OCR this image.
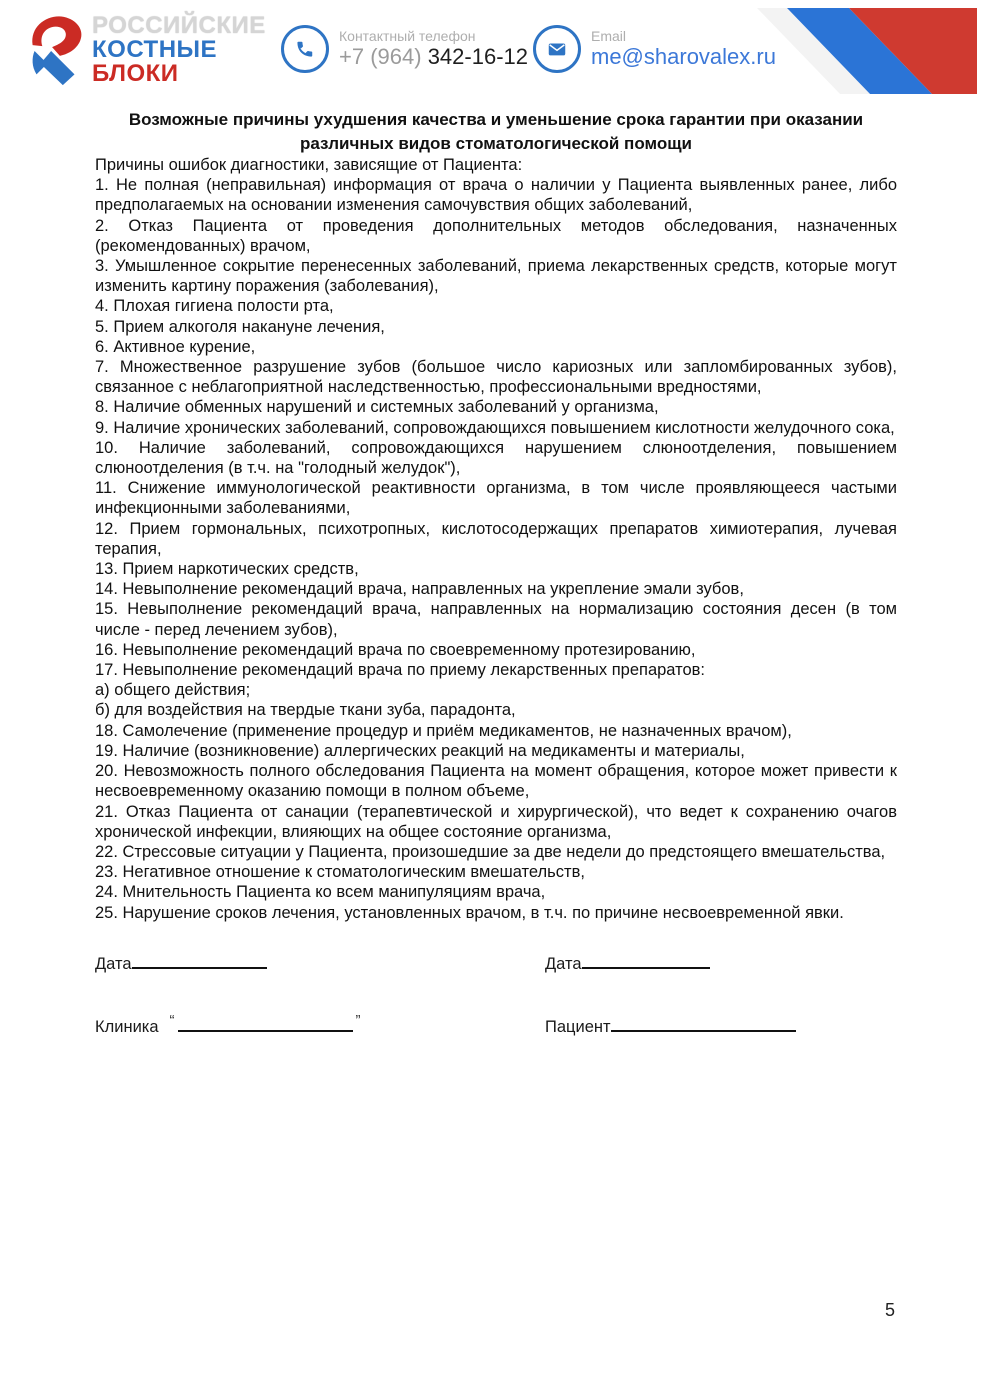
РОССИЙСКИЕ
КОСТНЫЕ
БЛОКИ
Контактный телефон
+7 (964) 342-16-12
Email
me@sharovalex.ru
Возможные причины ухудшения качества и уменьшение срока гарантии при оказании различных видов стоматологической помощи

Причины ошибок диагностики, зависящие от Пациента:

1. Не полная (неправильная) информация от врача о наличии у Пациента выявленных ранее, либо предполагаемых на основании изменения самочувствия общих заболеваний,

2. Отказ Пациента от проведения дополнительных методов обследования, назначенных (рекомендованных) врачом,

3. Умышленное сокрытие перенесенных заболеваний, приема лекарственных средств, которые могут изменить картину поражения (заболевания),

4. Плохая гигиена полости рта,

5. Прием алкоголя накануне лечения,

6. Активное курение,

7. Множественное разрушение зубов (большое число кариозных или запломбированных зубов), связанное с неблагоприятной наследственностью, профессиональными вредностями,

8. Наличие обменных нарушений и системных заболеваний у организма,

9. Наличие хронических заболеваний, сопровождающихся повышением кислотности желудочного сока,

10. Наличие заболеваний, сопровождающихся нарушением слюноотделения, повышением слюноотделения (в т.ч. на "голодный желудок"),

11. Снижение иммунологической реактивности организма, в том числе проявляющееся частыми инфекционными заболеваниями,

12. Прием гормональных, психотропных, кислотосодержащих препаратов химиотерапия, лучевая терапия,

13. Прием наркотических средств,

14. Невыполнение рекомендаций врача, направленных на укрепление эмали зубов,

15. Невыполнение рекомендаций врача, направленных на нормализацию состояния десен (в том числе - перед лечением зубов),

16. Невыполнение рекомендаций врача по своевременному протезированию,

17. Невыполнение рекомендаций врача по приему лекарственных препаратов:

а) общего действия;

б) для воздействия на твердые ткани зуба, парадонта,

18. Самолечение (применение процедур и приём медикаментов, не назначенных врачом),

19. Наличие (возникновение) аллергических реакций на медикаменты и материалы,

20. Невозможность полного обследования Пациента на момент обращения, которое может привести к несвоевременному оказанию помощи в полном объеме,

21. Отказ Пациента от санации (терапевтической и хирургической), что ведет к сохранению очагов хронической инфекции, влияющих на общее состояние организма,

22. Стрессовые ситуации у Пациента, произошедшие за две недели до предстоящего вмешательства,

23. Негативное отношение к стоматологическим вмешательств,

24. Мнительность Пациента ко всем манипуляциям врача,

25. Нарушение сроков лечения, установленных врачом, в т.ч. по причине несвоевременной явки.

Дата	Дата
Клиника “	”	Пациент
5
